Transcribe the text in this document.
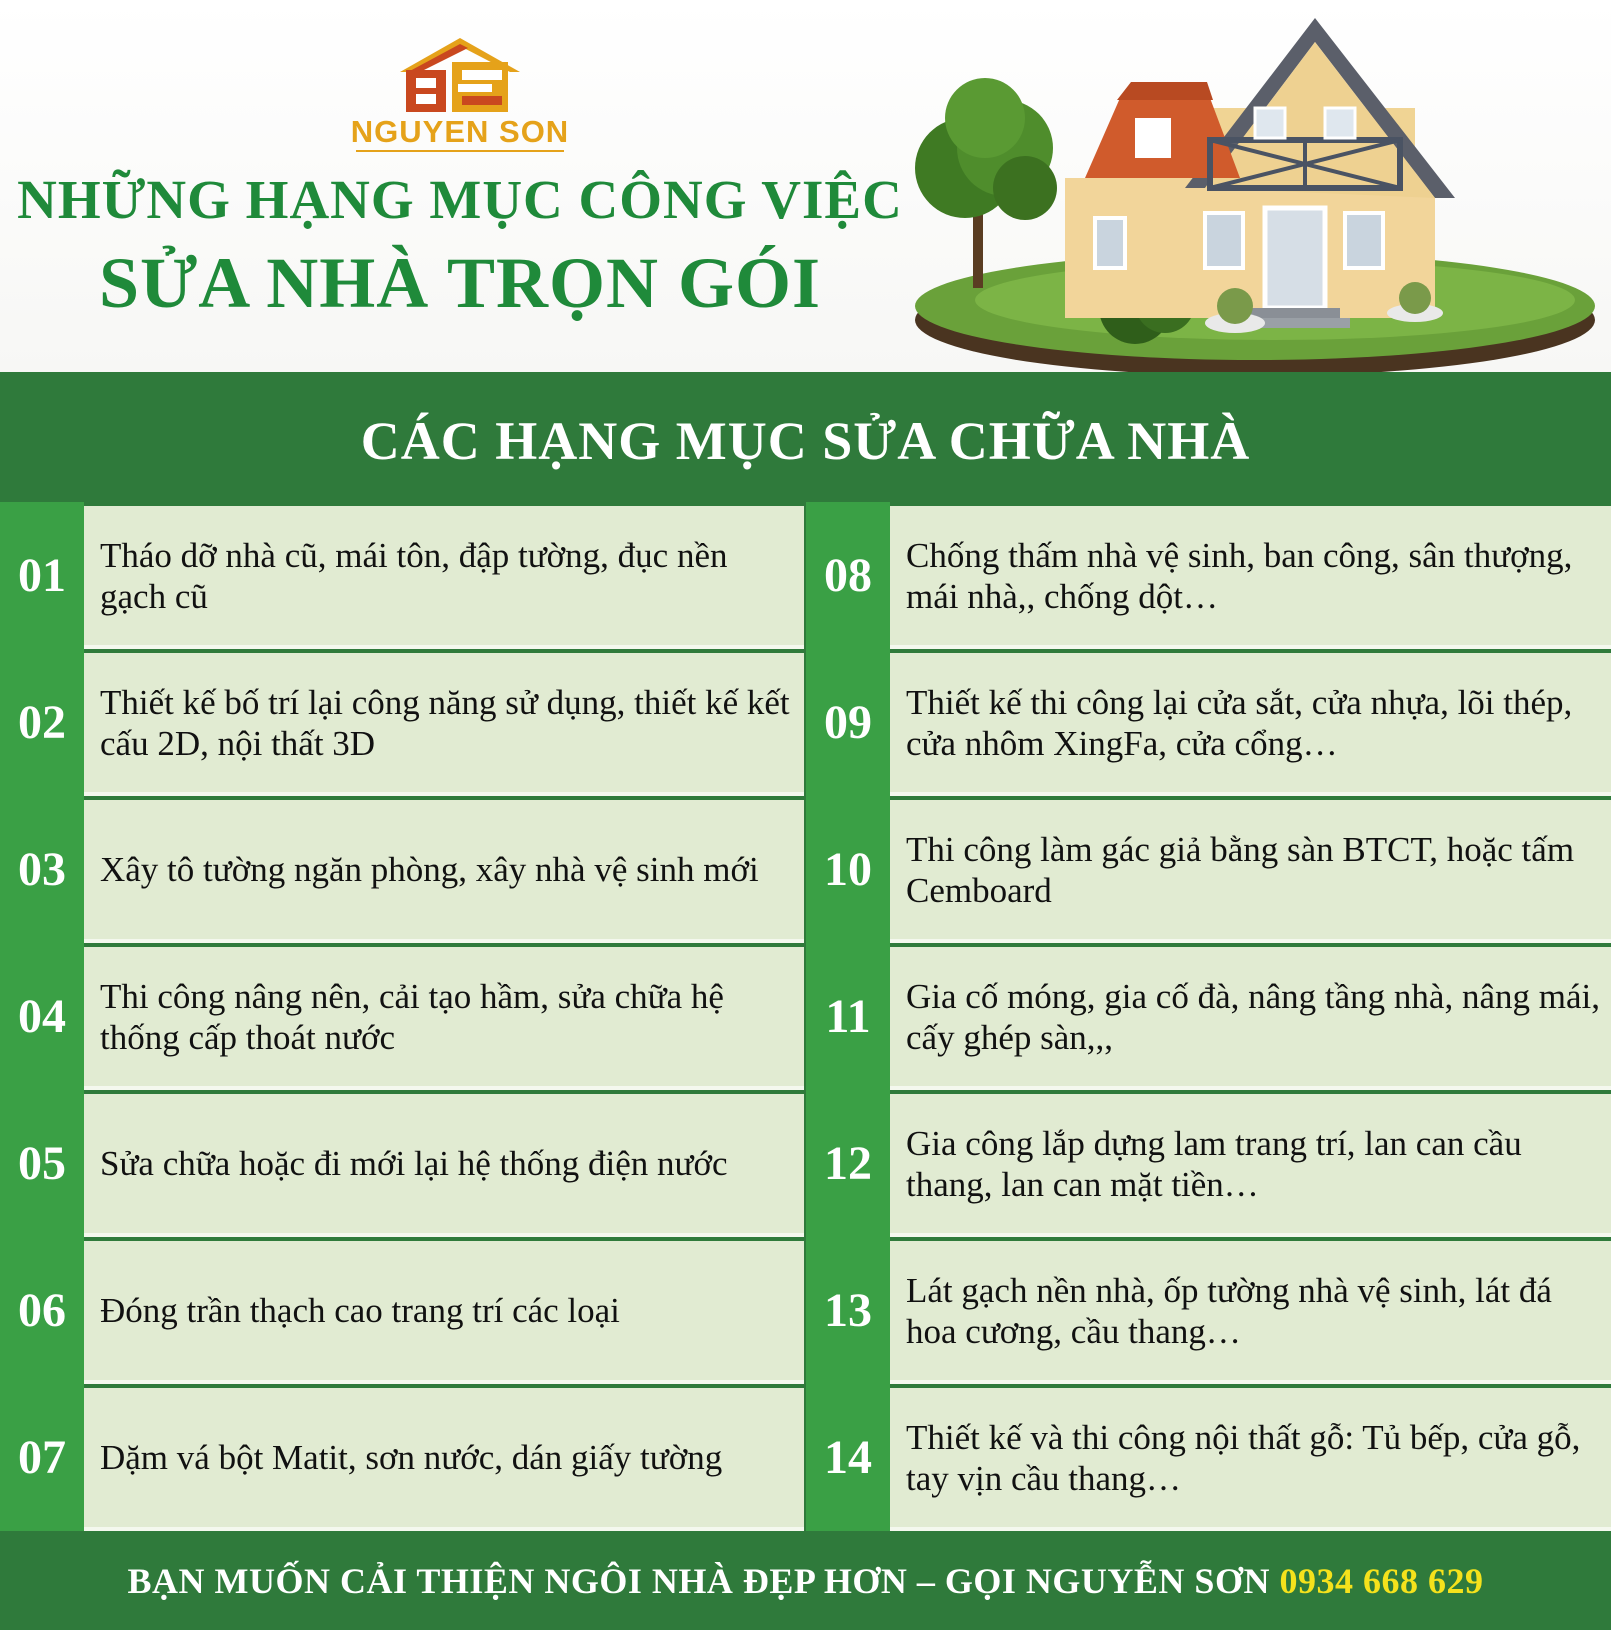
NGUYEN SON
NHỮNG HẠNG MỤC CÔNG VIỆC
SỬA NHÀ TRỌN GÓI
CÁC HẠNG MỤC SỬA CHỮA NHÀ
01 Tháo dỡ nhà cũ, mái tôn, đập tường, đục nền gạch cũ
02 Thiết kế bố trí lại công năng sử dụng, thiết kế kết cấu 2D, nội thất 3D
03 Xây tô tường ngăn phòng, xây nhà vệ sinh mới
04 Thi công nâng nên, cải tạo hầm, sửa chữa hệ thống cấp thoát nước
05 Sửa chữa hoặc đi mới lại hệ thống điện nước
06 Đóng trần thạch cao trang trí các loại
07 Dặm vá bột Matit, sơn nước, dán giấy tường
08 Chống thấm nhà vệ sinh, ban công, sân thượng, mái nhà,, chống dột…
09 Thiết kế thi công lại cửa sắt, cửa nhựa, lõi thép, cửa nhôm XingFa, cửa cổng…
10 Thi công làm gác giả bằng sàn BTCT, hoặc tấm Cemboard
11	Gia cố móng, gia cố đà, nâng tầng nhà, nâng mái, cấy ghép sàn,,,
12 Gia công lắp dựng lam trang trí, lan can cầu thang, lan can mặt tiền…
13 Lát gạch nền nhà, ốp tường nhà vệ sinh, lát đá hoa cương, cầu thang…
14 Thiết kế và thi công nội thất gỗ: Tủ bếp, cửa gỗ, tay vịn cầu thang…
BẠN MUỐN CẢI THIỆN NGÔI NHÀ ĐẸP HƠN – GỌI NGUYỄN SƠN 0934 668 629
